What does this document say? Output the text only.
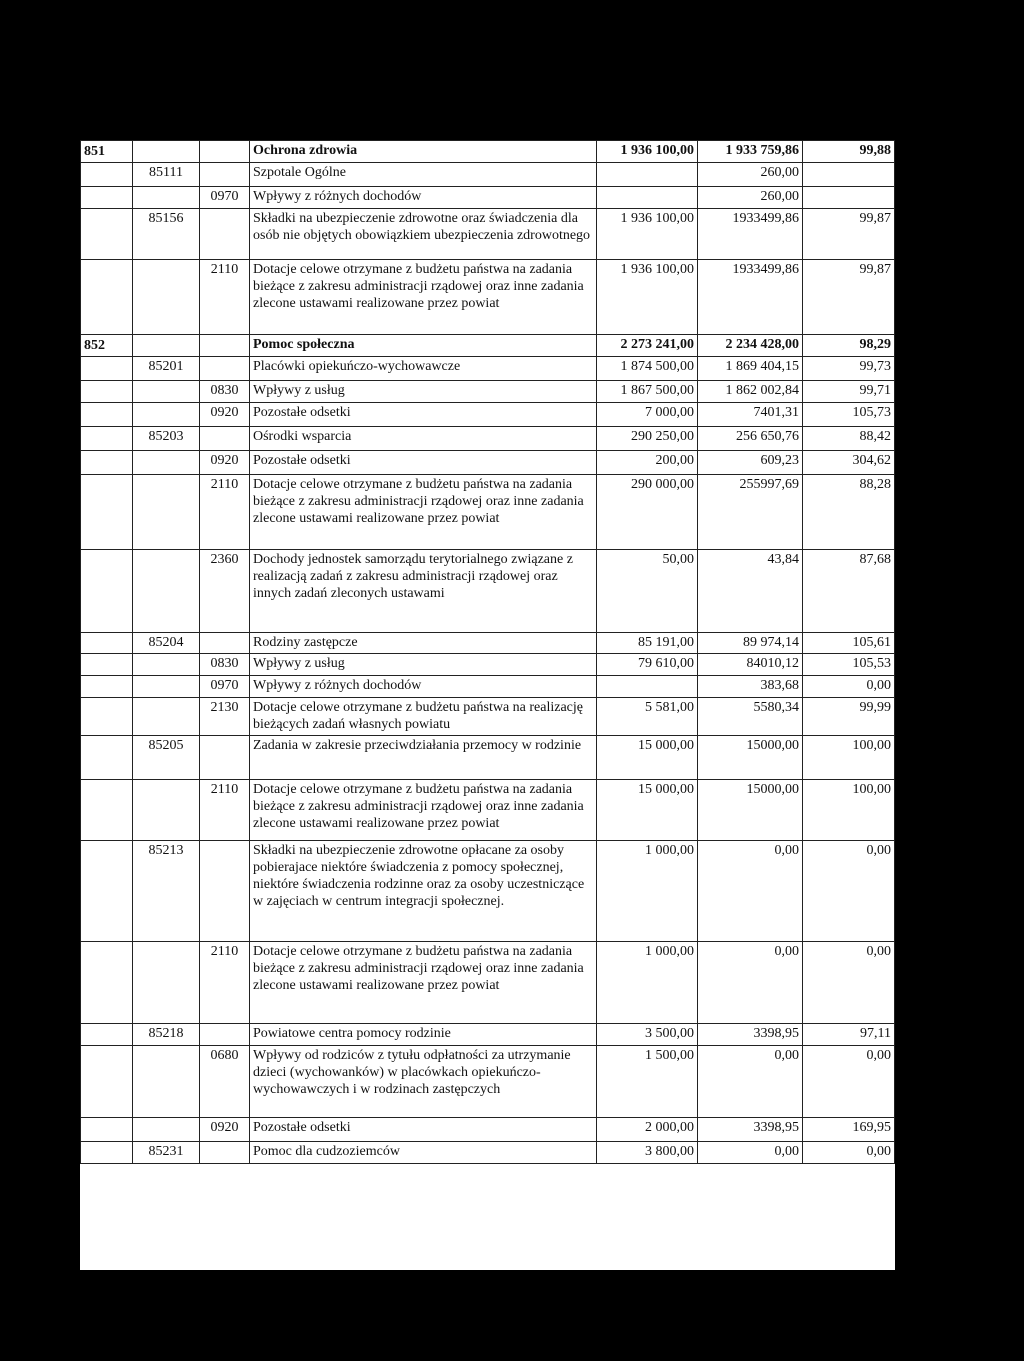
851			Ochrona zdrowia	1 936 100,00	1 933 759,86	99,88
	85111		Szpotale Ogólne		260,00	
		0970	Wpływy z różnych dochodów		260,00	
	85156		Składki na ubezpieczenie zdrowotne oraz świadczenia dla osób nie objętych obowiązkiem ubezpieczenia zdrowotnego	1 936 100,00	1933499,86	99,87
		2110	Dotacje celowe otrzymane z budżetu państwa na zadania bieżące z zakresu administracji rządowej oraz inne zadania zlecone ustawami realizowane przez powiat	1 936 100,00	1933499,86	99,87
852			Pomoc społeczna	2 273 241,00	2 234 428,00	98,29
	85201		Placówki opiekuńczo-wychowawcze	1 874 500,00	1 869 404,15	99,73
		0830	Wpływy z usług	1 867 500,00	1 862 002,84	99,71
		0920	Pozostałe odsetki	7 000,00	7401,31	105,73
	85203		Ośrodki wsparcia	290 250,00	256 650,76	88,42
		0920	Pozostałe odsetki	200,00	609,23	304,62
		2110	Dotacje celowe otrzymane z budżetu państwa na zadania bieżące z zakresu administracji rządowej oraz inne zadania zlecone ustawami realizowane przez powiat	290 000,00	255997,69	88,28
		2360	Dochody jednostek samorządu terytorialnego związane z realizacją zadań z zakresu administracji rządowej oraz innych zadań zleconych ustawami	50,00	43,84	87,68
	85204		Rodziny zastępcze	85 191,00	89 974,14	105,61
		0830	Wpływy z usług	79 610,00	84010,12	105,53
		0970	Wpływy z różnych dochodów		383,68	0,00
		2130	Dotacje celowe otrzymane z budżetu państwa na realizację bieżących zadań własnych powiatu	5 581,00	5580,34	99,99
	85205		Zadania w zakresie przeciwdziałania przemocy w rodzinie	15 000,00	15000,00	100,00
		2110	Dotacje celowe otrzymane z budżetu państwa na zadania bieżące z zakresu administracji rządowej oraz inne zadania zlecone ustawami realizowane przez powiat	15 000,00	15000,00	100,00
	85213		Składki na ubezpieczenie zdrowotne opłacane za osoby pobierajace niektóre świadczenia z pomocy społecznej, niektóre świadczenia rodzinne oraz za osoby uczestniczące w zajęciach w centrum integracji społecznej.	1 000,00	0,00	0,00
		2110	Dotacje celowe otrzymane z budżetu państwa na zadania bieżące z zakresu administracji rządowej oraz inne zadania zlecone ustawami realizowane przez powiat	1 000,00	0,00	0,00
	85218		Powiatowe centra pomocy rodzinie	3 500,00	3398,95	97,11
		0680	Wpływy od rodziców z tytułu odpłatności za utrzymanie dzieci (wychowanków) w placówkach opiekuńczo-wychowawczych i w rodzinach zastępczych	1 500,00	0,00	0,00
		0920	Pozostałe odsetki	2 000,00	3398,95	169,95
	85231		Pomoc dla cudzoziemców	3 800,00	0,00	0,00
